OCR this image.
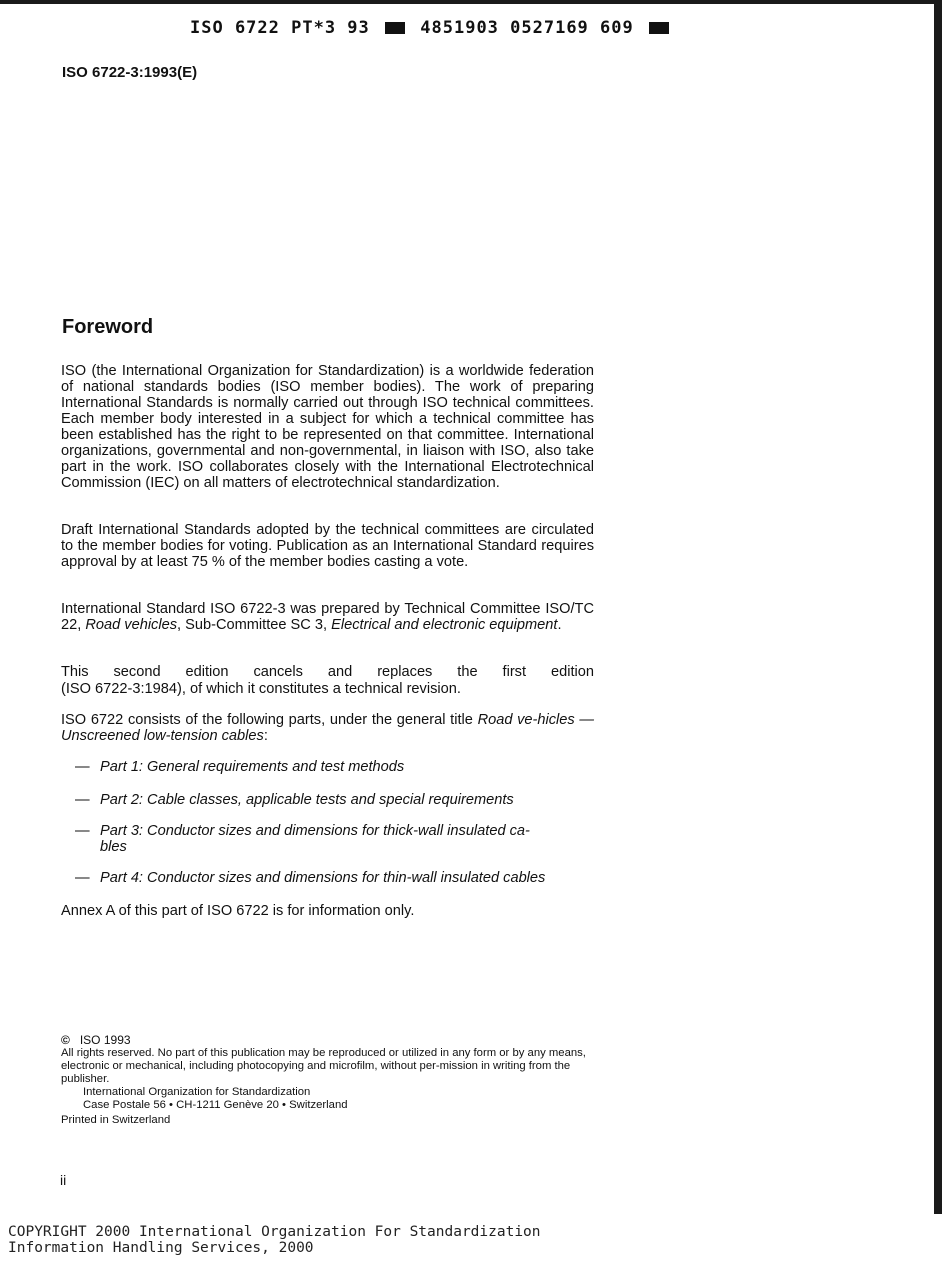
ISO 6722 PT*3 93	4851903 0527169 609
ISO 6722-3:1993(E)
Foreword
ISO (the International Organization for Standardization) is a worldwide federation of national standards bodies (ISO member bodies). The work of preparing International Standards is normally carried out through ISO technical committees. Each member body interested in a subject for which a technical committee has been established has the right to be represented on that committee. International organizations, governmental and non-governmental, in liaison with ISO, also take part in the work. ISO collaborates closely with the International Electrotechnical Commission (IEC) on all matters of electrotechnical standardization.
Draft International Standards adopted by the technical committees are circulated to the member bodies for voting. Publication as an International Standard requires approval by at least 75 % of the member bodies casting a vote.
International Standard ISO 6722-3 was prepared by Technical Committee ISO/TC 22, Road vehicles, Sub-Committee SC 3, Electrical and electronic equipment.
This second edition cancels and replaces the first edition
(ISO 6722-3:1984), of which it constitutes a technical revision.
ISO 6722 consists of the following parts, under the general title Road ve-hicles — Unscreened low-tension cables:
— Part 1: General requirements and test methods
— Part 2: Cable classes, applicable tests and special requirements
— Part 3: Conductor sizes and dimensions for thick-wall insulated ca-
bles
— Part 4: Conductor sizes and dimensions for thin-wall insulated cables
Annex A of this part of ISO 6722 is for information only.
© ISO 1993
All rights reserved. No part of this publication may be reproduced or utilized in any form or by any means, electronic or mechanical, including photocopying and microfilm, without per-mission in writing from the publisher.
International Organization for Standardization
Case Postale 56 • CH-1211 Genève 20 • Switzerland
Printed in Switzerland
ii
COPYRIGHT 2000 International Organization For Standardization
Information Handling Services, 2000
